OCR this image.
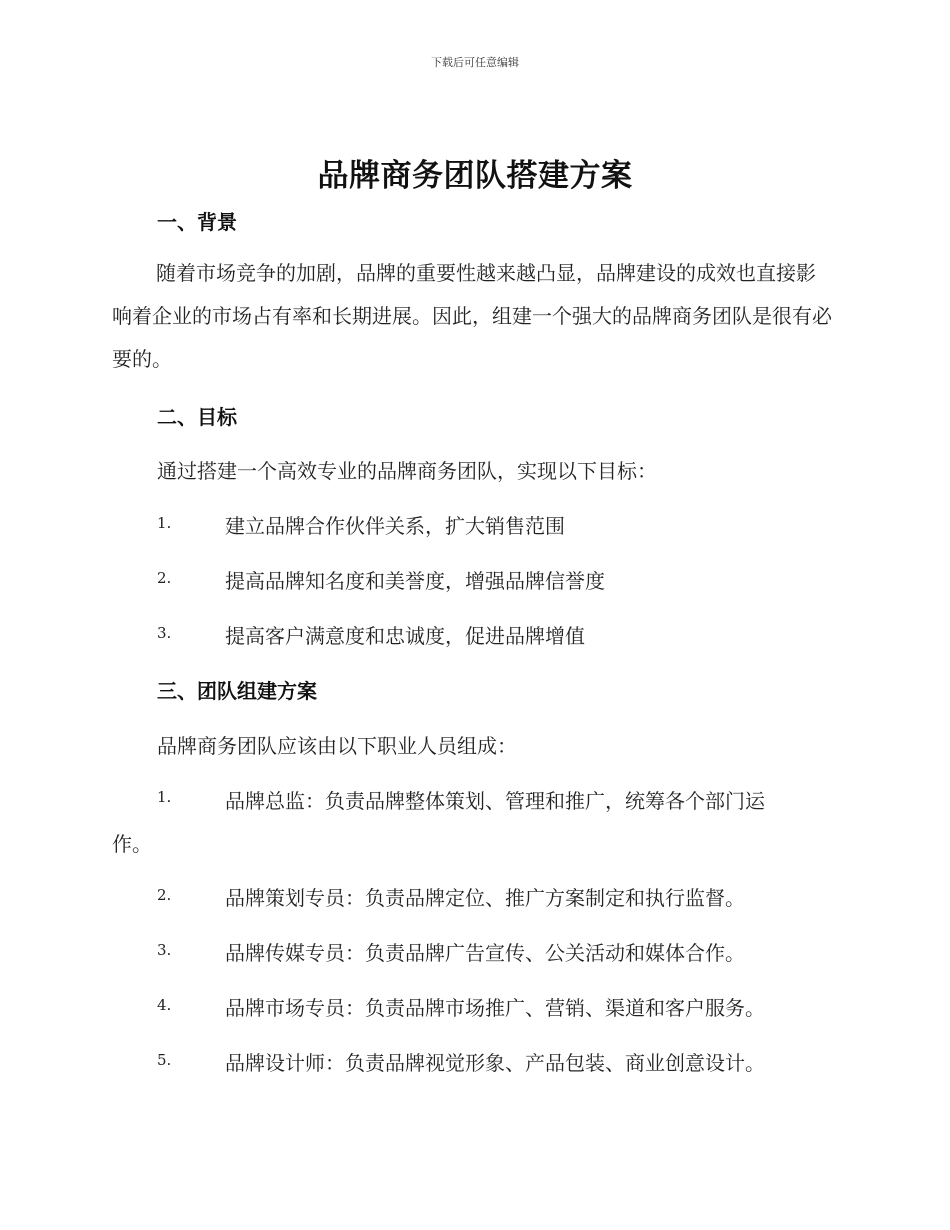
下载后可任意编辑
品牌商务团队搭建方案
一、背景
随着市场竞争的加剧，品牌的重要性越来越凸显，品牌建设的成效也直接影响着企业的市场占有率和长期进展。因此，组建一个强大的品牌商务团队是很有必要的。
二、目标
通过搭建一个高效专业的品牌商务团队，实现以下目标：
1.	建立品牌合作伙伴关系，扩大销售范围
2.	提高品牌知名度和美誉度，增强品牌信誉度
3.	提高客户满意度和忠诚度，促进品牌增值
三、团队组建方案
品牌商务团队应该由以下职业人员组成：
1.	品牌总监：负责品牌整体策划、管理和推广，统筹各个部门运
作。
2.	品牌策划专员：负责品牌定位、推广方案制定和执行监督。
3.	品牌传媒专员：负责品牌广告宣传、公关活动和媒体合作。
4.	品牌市场专员：负责品牌市场推广、营销、渠道和客户服务。
5.	品牌设计师：负责品牌视觉形象、产品包装、商业创意设计。
